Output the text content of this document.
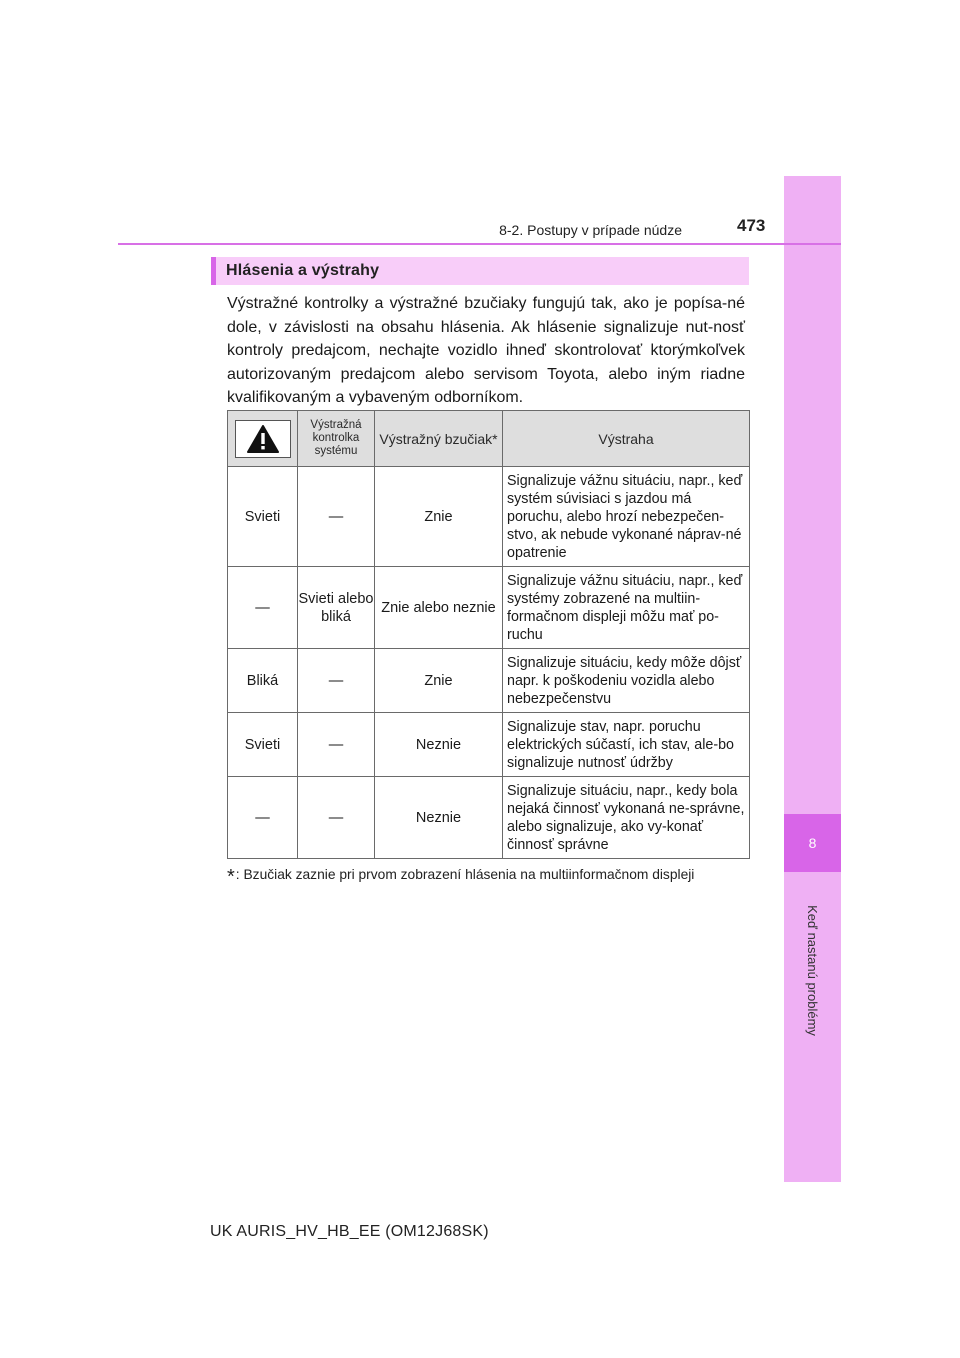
8
Keď nastanú problémy
8-2. Postupy v prípade núdze	473
Hlásenia a výstrahy
Výstražné kontrolky a výstražné bzučiaky fungujú tak, ako je popísa-né dole, v závislosti na obsahu hlásenia. Ak hlásenie signalizuje nut-nosť kontroly predajcom, nechajte vozidlo ihneď skontrolovať ktorýmkoľvek autorizovaným predajcom alebo servisom Toyota, alebo iným riadne kvalifikovaným a vybaveným odborníkom.
	Výstražná kontrolka systému	Výstražný bzučiak*	Výstraha
Svieti	—	Znie	Signalizuje vážnu situáciu, napr., keď systém súvisiaci s jazdou má poruchu, alebo hrozí nebezpečen-stvo, ak nebude vykonané náprav-né opatrenie
—	Svieti alebo bliká	Znie alebo neznie	Signalizuje vážnu situáciu, napr., keď systémy zobrazené na multiin-formačnom displeji môžu mať po-ruchu
Bliká	—	Znie	Signalizuje situáciu, kedy môže dôjsť napr. k poškodeniu vozidla alebo nebezpečenstvu
Svieti	—	Neznie	Signalizuje stav, napr. poruchu elektrických súčastí, ich stav, ale-bo signalizuje nutnosť údržby
—	—	Neznie	Signalizuje situáciu, napr., kedy bola nejaká činnosť vykonaná ne-správne, alebo signalizuje, ako vy-konať činnosť správne
*: Bzučiak zaznie pri prvom zobrazení hlásenia na multiinformačnom displeji
UK AURIS_HV_HB_EE (OM12J68SK)
